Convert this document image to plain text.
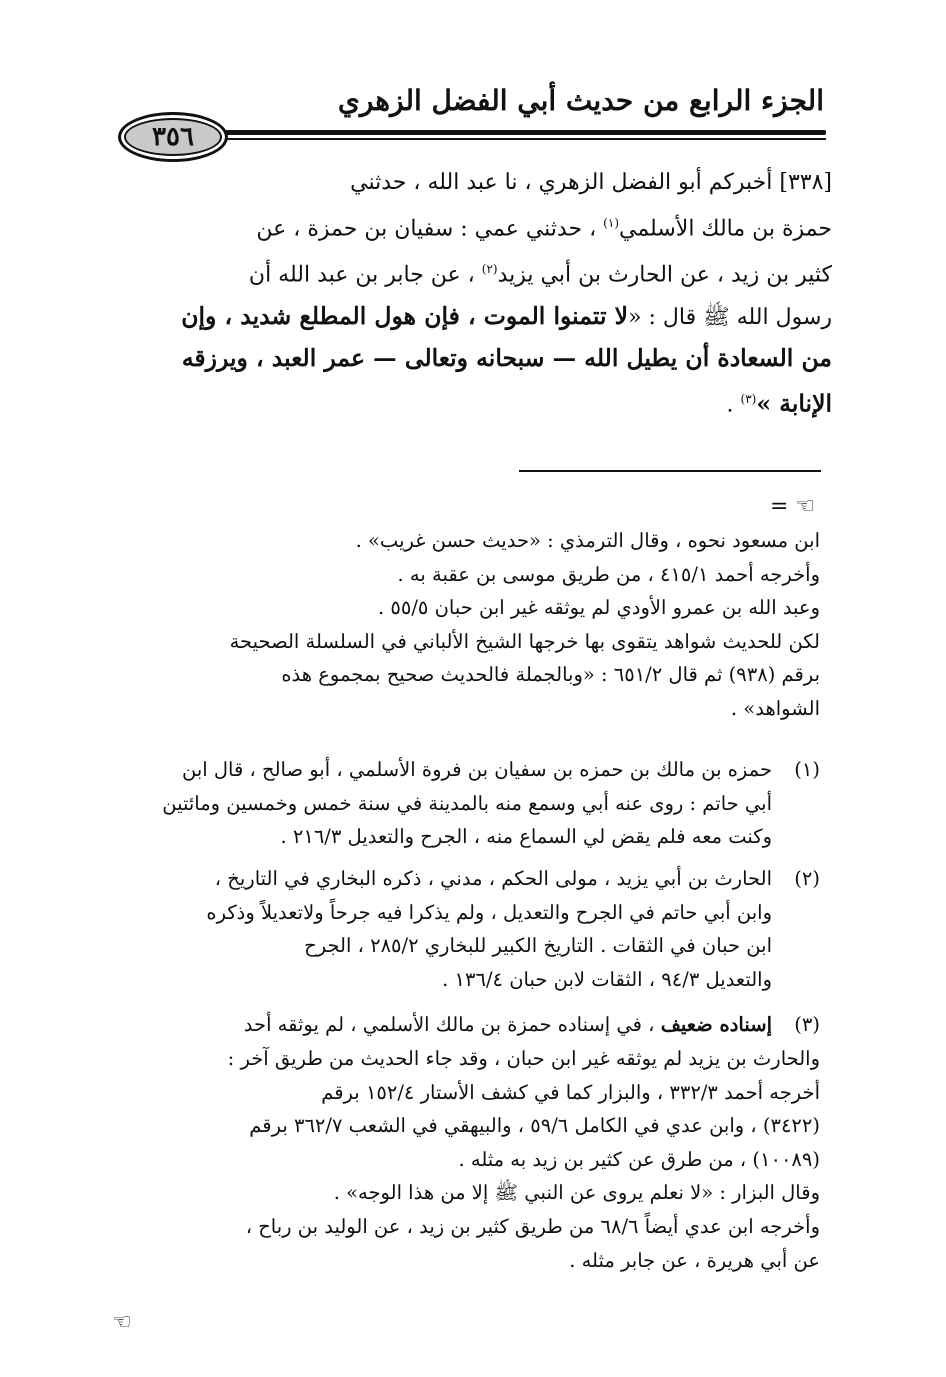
الجزء الرابع من حديث أبي الفضل الزهري
٣٥٦
[٣٣٨] أخبركم أبو الفضل الزهري ، نا عبد الله ، حدثني
حمزة بن مالك الأسلمي$^{(١)}$ ، حدثني عمي : سفيان بن حمزة ، عن
كثير بن زيد ، عن الحارث بن أبي يزيد$^{(٢)}$ ، عن جابر بن عبد الله أن
رسول الله ﷺ قال : «لا تتمنوا الموت ، فإن هول المطلع شديد ، وإن
من السعادة أن يطيل الله — سبحانه وتعالى — عمر العبد ، ويرزقه
الإنابة »$^{(٣)}$ .
= ☜
ابن مسعود نحوه ، وقال الترمذي : «حديث حسن غريب» .
وأخرجه أحمد ٤١٥/١ ، من طريق موسى بن عقبة به .
وعبد الله بن عمرو الأودي لم يوثقه غير ابن حبان ٥٥/٥ .
لكن للحديث شواهد يتقوى بها خرجها الشيخ الألباني في السلسلة الصحيحة
برقم (٩٣٨) ثم قال ٦٥١/٢ : «وبالجملة فالحديث صحيح بمجموع هذه
الشواهد» .
(١)
حمزه بن مالك بن حمزه بن سفيان بن فروة الأسلمي ، أبو صالح ، قال ابن
أبي حاتم : روى عنه أبي وسمع منه بالمدينة في سنة خمس وخمسين ومائتين
وكنت معه فلم يقض لي السماع منه ، الجرح والتعديل ٢١٦/٣ .
(٢)
الحارث بن أبي يزيد ، مولى الحكم ، مدني ، ذكره البخاري في التاريخ ،
وابن أبي حاتم في الجرح والتعديل ، ولم يذكرا فيه جرحاً ولاتعديلاً وذكره
ابن حبان في الثقات . التاريخ الكبير للبخاري ٢٨٥/٢ ، الجرح
والتعديل ٩٤/٣ ، الثقات لابن حبان ١٣٦/٤ .
(٣)
إسناده ضعيف ، في إسناده حمزة بن مالك الأسلمي ، لم يوثقه أحد
والحارث بن يزيد لم يوثقه غير ابن حبان ، وقد جاء الحديث من طريق آخر :
أخرجه أحمد ٣٣٢/٣ ، والبزار كما في كشف الأستار ١٥٢/٤ برقم
(٣٤٢٢) ، وابن عدي في الكامل ٥٩/٦ ، والبيهقي في الشعب ٣٦٢/٧ برقم
(١٠٠٨٩) ، من طرق عن كثير بن زيد به مثله .
وقال البزار : «لا نعلم يروى عن النبي ﷺ إلا من هذا الوجه» .
وأخرجه ابن عدي أيضاً ٦٨/٦ من طريق كثير بن زيد ، عن الوليد بن رباح ،
عن أبي هريرة ، عن جابر مثله .
☜
